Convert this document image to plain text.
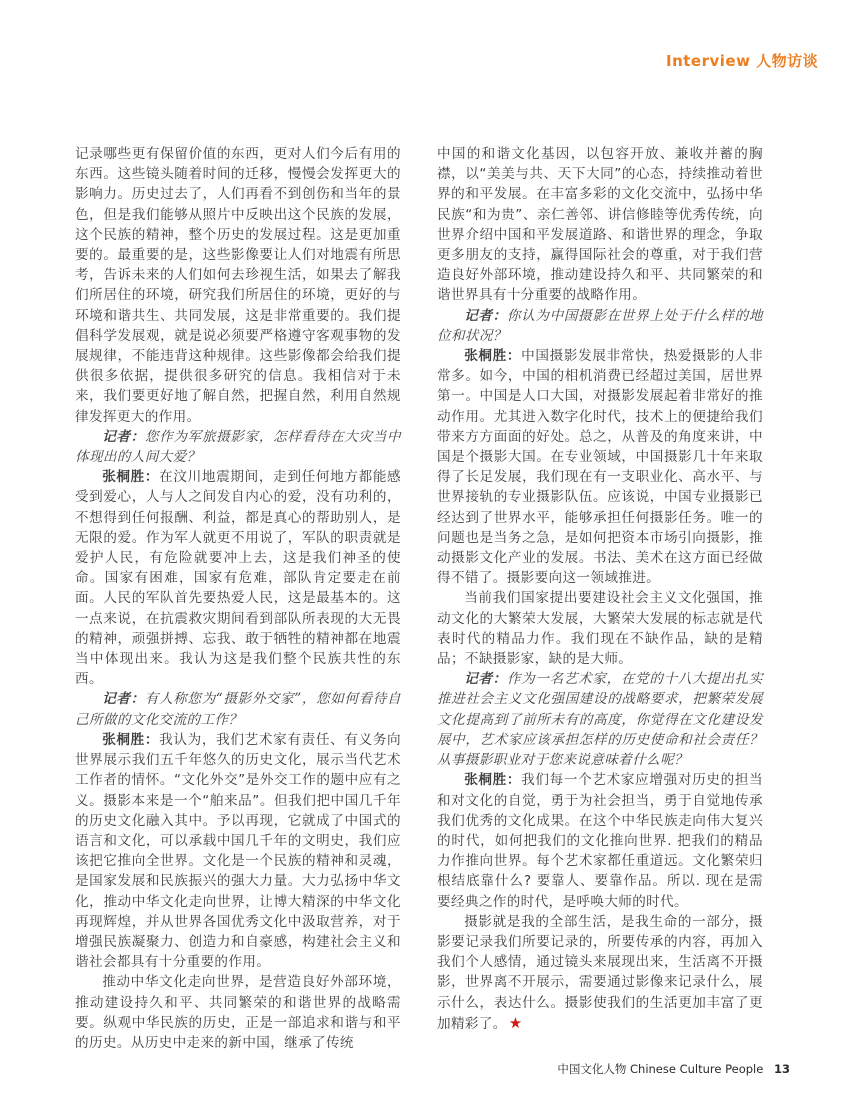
Interview 人物访谈

记录哪些更有保留价值的东西，更对人们今后有用的东西。这些镜头随着时间的迁移，慢慢会发挥更大的影响力。历史过去了，人们再看不到创伤和当年的景色，但是我们能够从照片中反映出这个民族的发展，这个民族的精神，整个历史的发展过程。这是更加重要的。最重要的是，这些影像要让人们对地震有所思考，告诉未来的人们如何去珍视生活，如果去了解我们所居住的环境，研究我们所居住的环境，更好的与环境和谐共生、共同发展，这是非常重要的。我们提倡科学发展观，就是说必须要严格遵守客观事物的发展规律，不能违背这种规律。这些影像都会给我们提供很多依据，提供很多研究的信息。我相信对于未来，我们要更好地了解自然，把握自然，利用自然规律发挥更大的作用。

记者：您作为军旅摄影家，怎样看待在大灾当中体现出的人间大爱？

张桐胜：在汶川地震期间，走到任何地方都能感受到爱心，人与人之间发自内心的爱，没有功利的，不想得到任何报酬、利益，都是真心的帮助别人，是无限的爱。作为军人就更不用说了，军队的职责就是爱护人民，有危险就要冲上去，这是我们神圣的使命。国家有困难，国家有危难，部队肯定要走在前面。人民的军队首先要热爱人民，这是最基本的。这一点来说，在抗震救灾期间看到部队所表现的大无畏的精神，顽强拼搏、忘我、敢于牺牲的精神都在地震当中体现出来。我认为这是我们整个民族共性的东西。

记者：有人称您为“摄影外交家”，您如何看待自己所做的文化交流的工作？

张桐胜：我认为，我们艺术家有责任、有义务向世界展示我们五千年悠久的历史文化，展示当代艺术工作者的情怀。“文化外交”是外交工作的题中应有之义。摄影本来是一个“舶来品”。但我们把中国几千年的历史文化融入其中。予以再现，它就成了中国式的语言和文化，可以承载中国几千年的文明史，我们应该把它推向全世界。文化是一个民族的精神和灵魂，是国家发展和民族振兴的强大力量。大力弘扬中华文化，推动中华文化走向世界，让博大精深的中华文化再现辉煌，并从世界各国优秀文化中汲取营养，对于增强民族凝聚力、创造力和自豪感，构建社会主义和谐社会都具有十分重要的作用。

推动中华文化走向世界，是营造良好外部环境，推动建设持久和平、共同繁荣的和谐世界的战略需要。纵观中华民族的历史，正是一部追求和谐与和平的历史。从历史中走来的新中国，继承了传统

中国的和谐文化基因，以包容开放、兼收并蓄的胸襟，以“美美与共、天下大同”的心态，持续推动着世界的和平发展。在丰富多彩的文化交流中，弘扬中华民族“和为贵”、亲仁善邻、讲信修睦等优秀传统，向世界介绍中国和平发展道路、和谐世界的理念，争取更多朋友的支持，赢得国际社会的尊重，对于我们营造良好外部环境，推动建设持久和平、共同繁荣的和谐世界具有十分重要的战略作用。

记者：你认为中国摄影在世界上处于什么样的地位和状况？

张桐胜：中国摄影发展非常快，热爱摄影的人非常多。如今，中国的相机消费已经超过美国，居世界第一。中国是人口大国，对摄影发展起着非常好的推动作用。尤其进入数字化时代，技术上的便捷给我们带来方方面面的好处。总之，从普及的角度来讲，中国是个摄影大国。在专业领域，中国摄影几十年来取得了长足发展，我们现在有一支职业化、高水平、与世界接轨的专业摄影队伍。应该说，中国专业摄影已经达到了世界水平，能够承担任何摄影任务。唯一的问题也是当务之急，是如何把资本市场引向摄影，推动摄影文化产业的发展。书法、美术在这方面已经做得不错了。摄影要向这一领域推进。

当前我们国家提出要建设社会主义文化强国，推动文化的大繁荣大发展，大繁荣大发展的标志就是代表时代的精品力作。我们现在不缺作品，缺的是精品；不缺摄影家，缺的是大师。

记者：作为一名艺术家，在党的十八大提出扎实推进社会主义文化强国建设的战略要求，把繁荣发展文化提高到了前所未有的高度，你觉得在文化建设发展中，艺术家应该承担怎样的历史使命和社会责任？从事摄影职业对于您来说意味着什么呢？

张桐胜：我们每一个艺术家应增强对历史的担当和对文化的自觉，勇于为社会担当，勇于自觉地传承我们优秀的文化成果。在这个中华民族走向伟大复兴的时代，如何把我们的文化推向世界. 把我们的精品力作推向世界。每个艺术家都任重道远。文化繁荣归根结底靠什么? 要靠人、要靠作品。所以. 现在是需要经典之作的时代，是呼唤大师的时代。

摄影就是我的全部生活，是我生命的一部分，摄影要记录我们所要记录的，所要传承的内容，再加入我们个人感情，通过镜头来展现出来，生活离不开摄影，世界离不开展示，需要通过影像来记录什么，展示什么，表达什么。摄影使我们的生活更加丰富了更加精彩了。 ★

中国文化人物 Chinese Culture People 13
